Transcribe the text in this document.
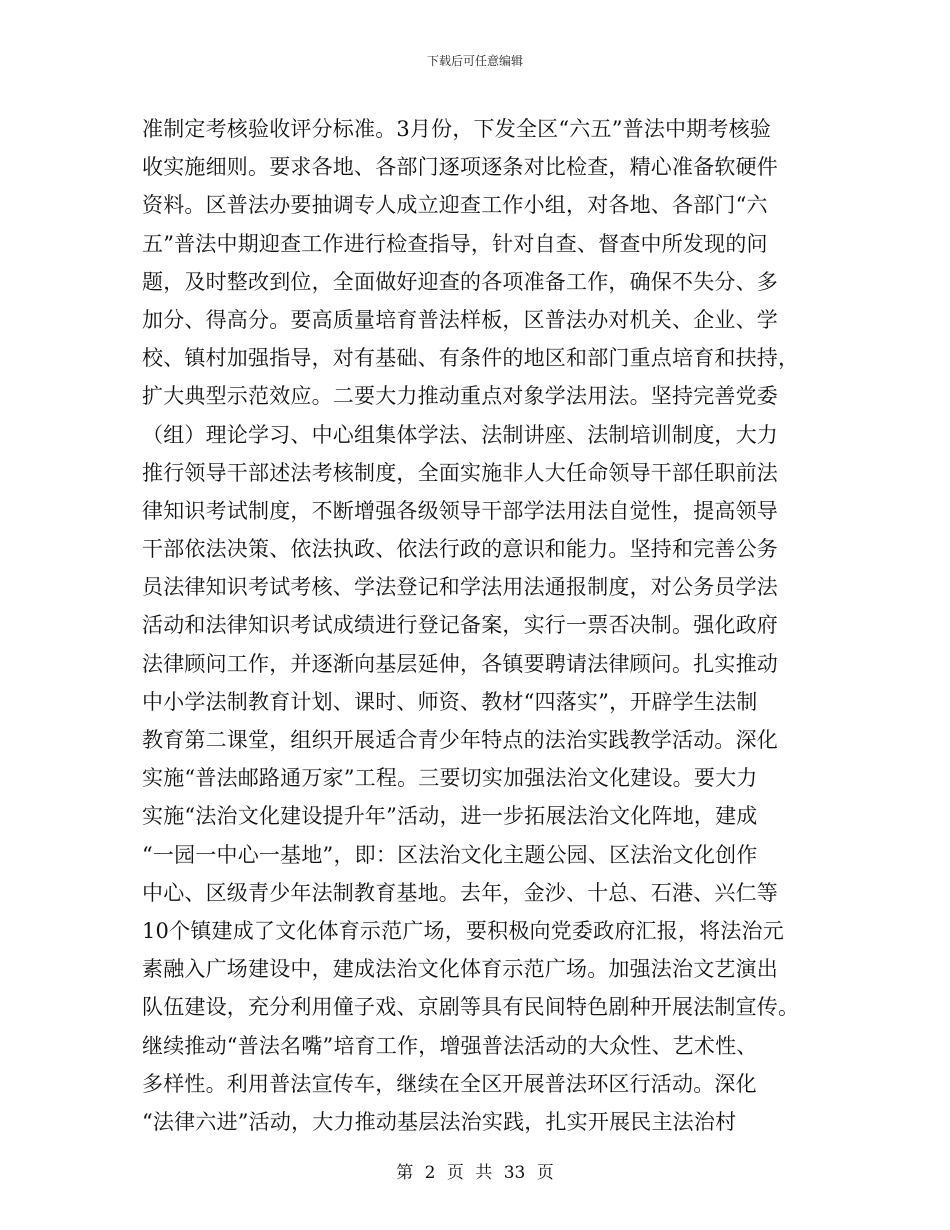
下载后可任意编辑
准制定考核验收评分标准。3月份，下发全区“六五”普法中期考核验
收实施细则。要求各地、各部门逐项逐条对比检查，精心准备软硬件
资料。区普法办要抽调专人成立迎查工作小组，对各地、各部门“六
五”普法中期迎查工作进行检查指导，针对自查、督查中所发现的问
题，及时整改到位，全面做好迎查的各项准备工作，确保不失分、多
加分、得高分。要高质量培育普法样板，区普法办对机关、企业、学
校、镇村加强指导，对有基础、有条件的地区和部门重点培育和扶持，
扩大典型示范效应。二要大力推动重点对象学法用法。坚持完善党委
（组）理论学习、中心组集体学法、法制讲座、法制培训制度，大力
推行领导干部述法考核制度，全面实施非人大任命领导干部任职前法
律知识考试制度，不断增强各级领导干部学法用法自觉性，提高领导
干部依法决策、依法执政、依法行政的意识和能力。坚持和完善公务
员法律知识考试考核、学法登记和学法用法通报制度，对公务员学法
活动和法律知识考试成绩进行登记备案，实行一票否决制。强化政府
法律顾问工作，并逐渐向基层延伸，各镇要聘请法律顾问。扎实推动
中小学法制教育计划、课时、师资、教材“四落实”，开辟学生法制
教育第二课堂，组织开展适合青少年特点的法治实践教学活动。深化
实施“普法邮路通万家”工程。三要切实加强法治文化建设。要大力
实施“法治文化建设提升年”活动，进一步拓展法治文化阵地，建成
“一园一中心一基地”，即：区法治文化主题公园、区法治文化创作
中心、区级青少年法制教育基地。去年，金沙、十总、石港、兴仁等
10个镇建成了文化体育示范广场，要积极向党委政府汇报，将法治元
素融入广场建设中，建成法治文化体育示范广场。加强法治文艺演出
队伍建设，充分利用僮子戏、京剧等具有民间特色剧种开展法制宣传。
继续推动“普法名嘴”培育工作，增强普法活动的大众性、艺术性、
多样性。利用普法宣传车，继续在全区开展普法环区行活动。深化
“法律六进”活动，大力推动基层法治实践，扎实开展民主法治村
第 2 页 共 33 页
